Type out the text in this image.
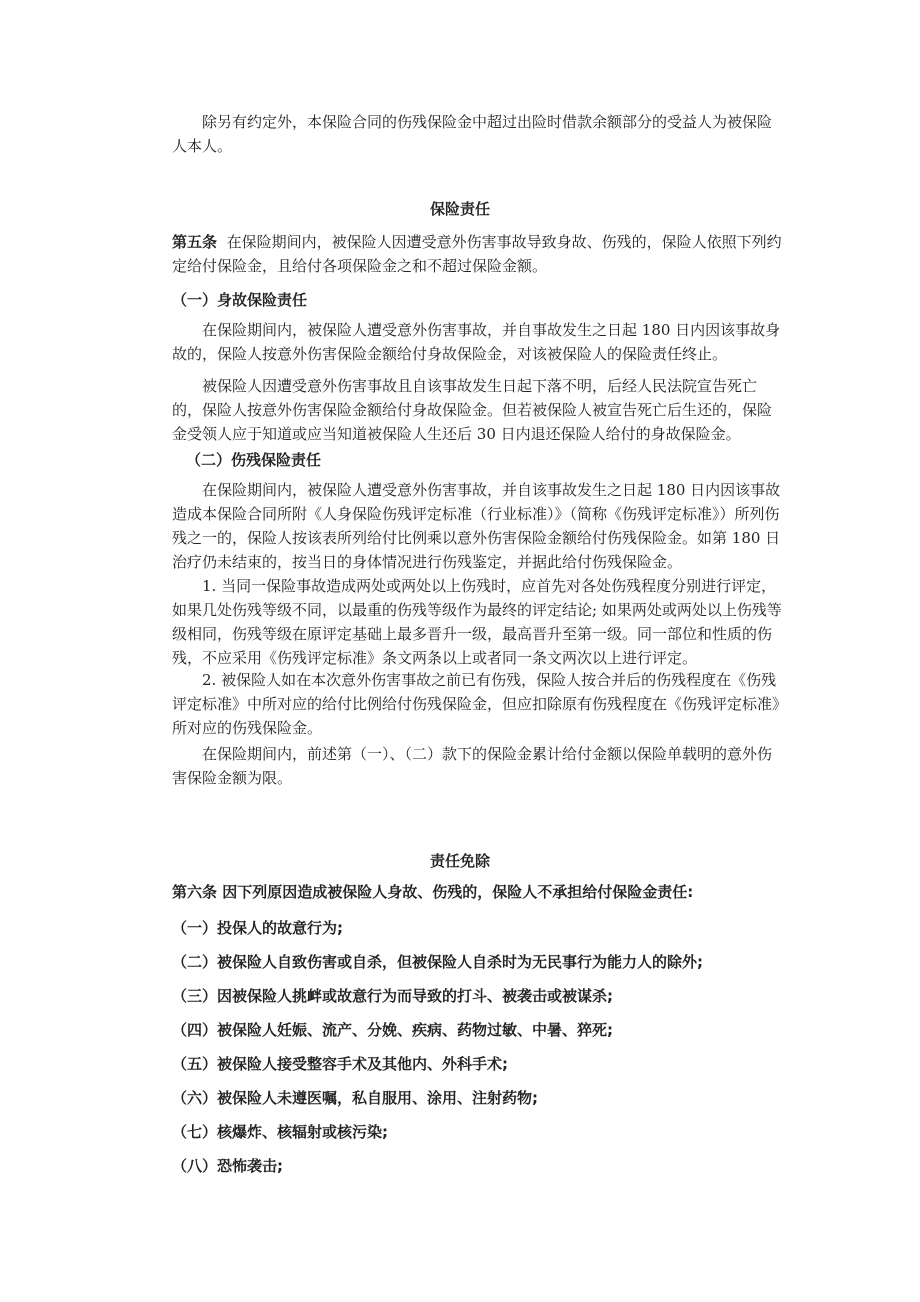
除另有约定外，本保险合同的伤残保险金中超过出险时借款余额部分的受益人为被保险人本人。

保险责任

第五条 在保险期间内，被保险人因遭受意外伤害事故导致身故、伤残的，保险人依照下列约定给付保险金，且给付各项保险金之和不超过保险金额。

（一）身故保险责任

在保险期间内，被保险人遭受意外伤害事故，并自事故发生之日起 180 日内因该事故身故的，保险人按意外伤害保险金额给付身故保险金，对该被保险人的保险责任终止。

被保险人因遭受意外伤害事故且自该事故发生日起下落不明，后经人民法院宣告死亡的，保险人按意外伤害保险金额给付身故保险金。但若被保险人被宣告死亡后生还的，保险金受领人应于知道或应当知道被保险人生还后 30 日内退还保险人给付的身故保险金。

（二）伤残保险责任

在保险期间内，被保险人遭受意外伤害事故，并自该事故发生之日起 180 日内因该事故造成本保险合同所附《人身保险伤残评定标准（行业标准）》（简称《伤残评定标准》）所列伤残之一的，保险人按该表所列给付比例乘以意外伤害保险金额给付伤残保险金。如第 180 日治疗仍未结束的，按当日的身体情况进行伤残鉴定，并据此给付伤残保险金。

1. 当同一保险事故造成两处或两处以上伤残时，应首先对各处伤残程度分别进行评定，如果几处伤残等级不同，以最重的伤残等级作为最终的评定结论; 如果两处或两处以上伤残等级相同，伤残等级在原评定基础上最多晋升一级，最高晋升至第一级。同一部位和性质的伤残，不应采用《伤残评定标准》条文两条以上或者同一条文两次以上进行评定。

2. 被保险人如在本次意外伤害事故之前已有伤残，保险人按合并后的伤残程度在《伤残评定标准》中所对应的给付比例给付伤残保险金，但应扣除原有伤残程度在《伤残评定标准》所对应的伤残保险金。

在保险期间内，前述第（一）、（二）款下的保险金累计给付金额以保险单载明的意外伤害保险金额为限。

责任免除

第六条 因下列原因造成被保险人身故、伤残的，保险人不承担给付保险金责任:

（一）投保人的故意行为;

（二）被保险人自致伤害或自杀，但被保险人自杀时为无民事行为能力人的除外;

（三）因被保险人挑衅或故意行为而导致的打斗、被袭击或被谋杀;

（四）被保险人妊娠、流产、分娩、疾病、药物过敏、中暑、猝死;

（五）被保险人接受整容手术及其他内、外科手术;

（六）被保险人未遵医嘱，私自服用、涂用、注射药物;

（七）核爆炸、核辐射或核污染;

（八）恐怖袭击;
